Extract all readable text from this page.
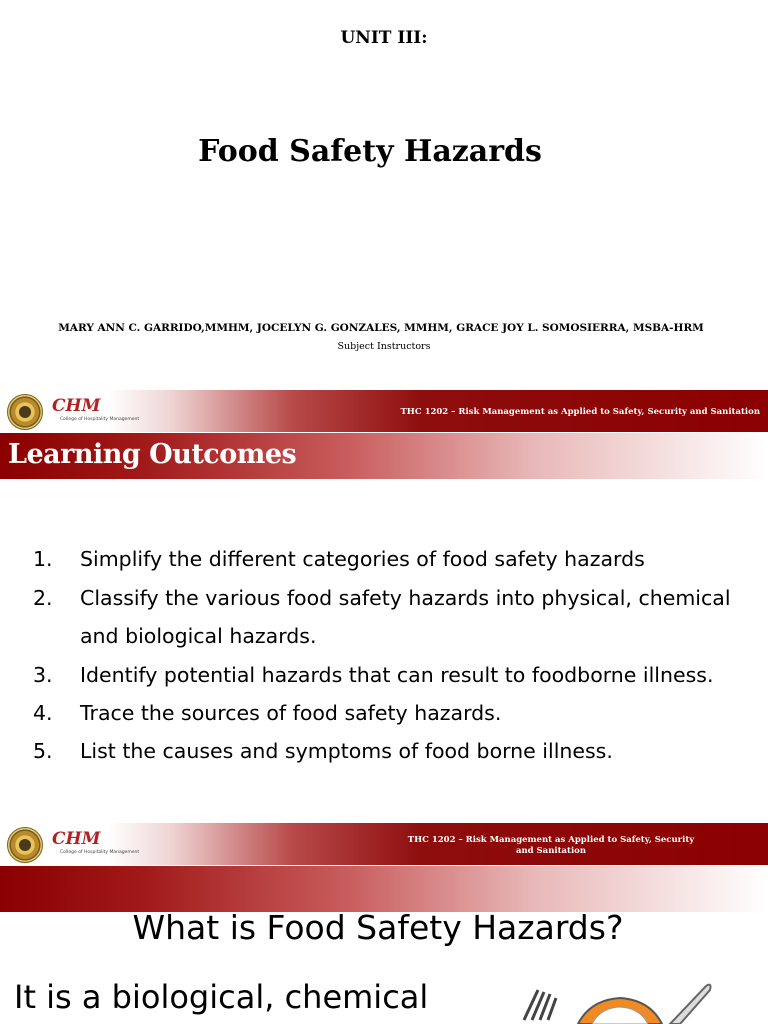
UNIT III:
Food Safety Hazards
MARY ANN C. GARRIDO,MMHM, JOCELYN G. GONZALES, MMHM, GRACE JOY L. SOMOSIERRA, MSBA-HRM
Subject Instructors
CHM
College of Hospitality Management
THC 1202 – Risk Management as Applied to Safety, Security and Sanitation
Learning Outcomes
1. Simplify the different categories of food safety hazards
2. Classify the various food safety hazards into physical, chemical and biological hazards.
3. Identify potential hazards that can result to foodborne illness.
4. Trace the sources of food safety hazards.
5. List the causes and symptoms of food borne illness.
CHM
College of Hospitality Management
THC 1202 – Risk Management as Applied to Safety, Security and Sanitation
What is Food Safety Hazards?
It is a biological, chemical
